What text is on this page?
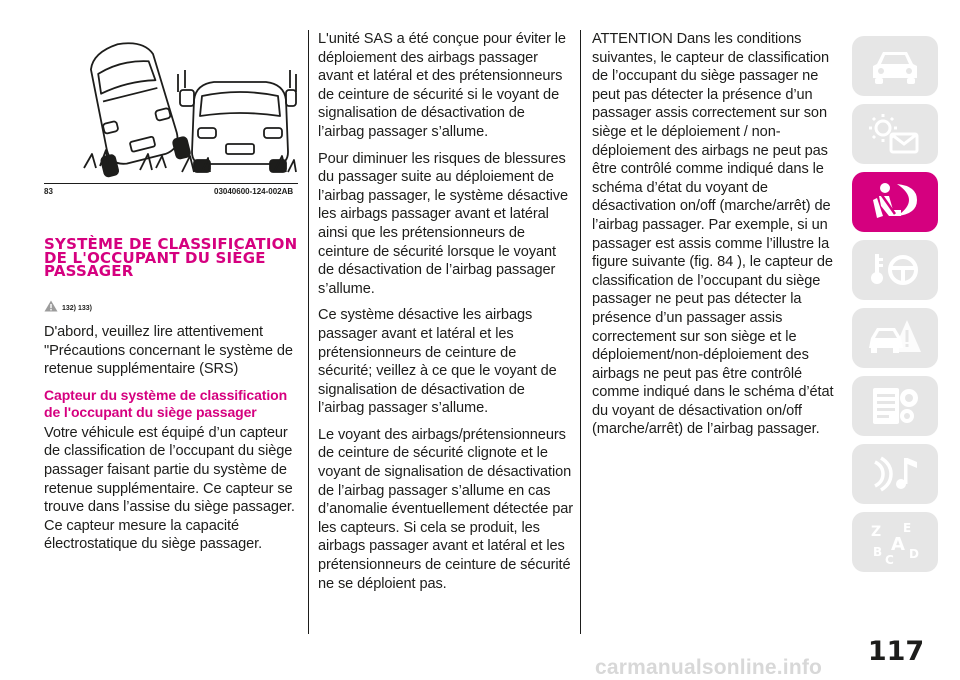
83	03040600-124-002AB
SYSTÈME DE CLASSIFICATION DE L'OCCUPANT DU SIÈGE PASSAGER
132) 133)

D'abord, veuillez lire attentivement "Précautions concernant le système de retenue supplémentaire (SRS)

Capteur du système de classification de l'occupant du siège passager

Votre véhicule est équipé d’un capteur de classification de l’occupant du siège passager faisant partie du système de retenue supplémentaire. Ce capteur se trouve dans l’assise du siège passager. Ce capteur mesure la capacité électrostatique du siège passager.

L'unité SAS a été conçue pour éviter le déploiement des airbags passager avant et latéral et des prétensionneurs de ceinture de sécurité si le voyant de signalisation de désactivation de l’airbag passager s’allume.

Pour diminuer les risques de blessures du passager suite au déploiement de l’airbag passager, le système désactive les airbags passager avant et latéral ainsi que les prétensionneurs de ceinture de sécurité lorsque le voyant de désactivation de l’airbag passager s’allume.

Ce système désactive les airbags passager avant et latéral et les prétensionneurs de ceinture de sécurité; veillez à ce que le voyant de signalisation de désactivation de l’airbag passager s’allume.

Le voyant des airbags/prétensionneurs de ceinture de sécurité clignote et le voyant de signalisation de désactivation de l’airbag passager s’allume en cas d’anomalie éventuellement détectée par les capteurs. Si cela se produit, les airbags passager avant et latéral et les prétensionneurs de ceinture de sécurité ne se déploient pas.

ATTENTION Dans les conditions suivantes, le capteur de classification de l’occupant du siège passager ne peut pas détecter la présence d’un passager assis correctement sur son siège et le déploiement / non-déploiement des airbags ne peut pas être contrôlé comme indiqué dans le schéma d’état du voyant de désactivation on/off (marche/arrêt) de l’airbag passager. Par exemple, si un passager est assis comme l’illustre la figure suivante (fig. 84 ), le capteur de classification de l’occupant du siège passager ne peut pas détecter la présence d’un passager assis correctement sur son siège et le déploiement/non-déploiement des airbags ne peut pas être contrôlé comme indiqué dans le schéma d’état du voyant de désactivation on/off (marche/arrêt) de l’airbag passager.

Z E
B A
C D
117
carmanualsonline.info
